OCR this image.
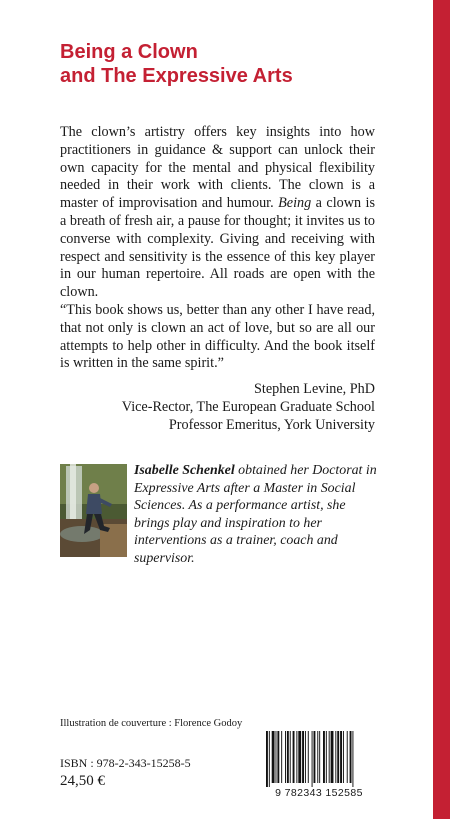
Being a Clown
and The Expressive Arts
The clown’s artistry offers key insights into how practitioners in guidance & support can unlock their own capacity for the mental and physical flexibility needed in their work with clients. The clown is a master of improvisation and humour. Being a clown is a breath of fresh air, a pause for thought; it invites us to converse with complexity. Giving and receiving with respect and sensitivity is the essence of this key player in our human repertoire. All roads are open with the clown.
“This book shows us, better than any other I have read, that not only is clown an act of love, but so are all our attempts to help other in difficulty. And the book itself is written in the same spirit.”
Stephen Levine, PhD
Vice-Rector, The European Graduate School
Professor Emeritus, York University
Isabelle Schenkel obtained her Doctorat in Expressive Arts after a Master in Social Sciences. As a performance artist, she brings play and inspiration to her interventions as a trainer, coach and supervisor.
Illustration de couverture : Florence Godoy
ISBN : 978-2-343-15258-5
24,50 €
9 782343 152585
